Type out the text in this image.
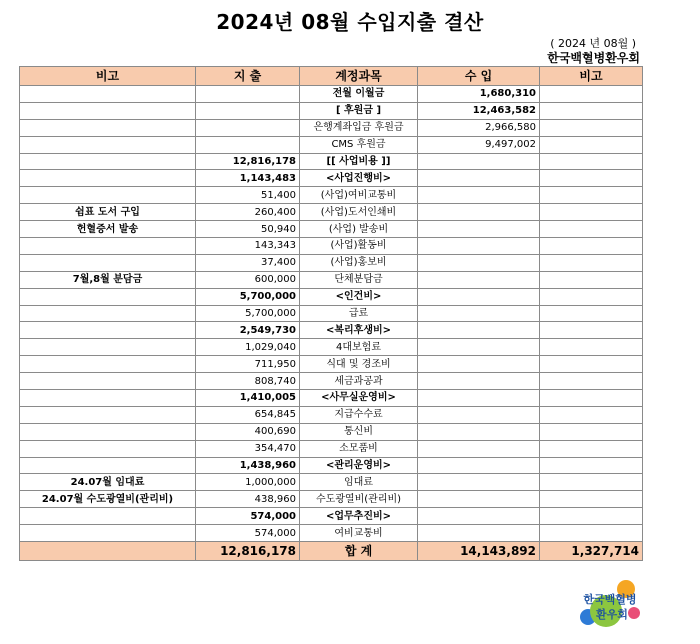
2024년 08월 수입지출 결산
( 2024 년 08월 )
한국백혈병환우회
비고	지 출	계정과목	수 입	비고
		전월 이월금	1,680,310	
		[ 후원금 ]	12,463,582	
		은행계좌입금 후원금	2,966,580	
		CMS 후원금	9,497,002	
	12,816,178	[[ 사업비용 ]]		
	1,143,483	<사업진행비>		
	51,400	(사업)여비교통비		
쉼표 도서 구입	260,400	(사업)도서인쇄비		
헌혈증서 발송	50,940	(사업) 발송비		
	143,343	(사업)활동비		
	37,400	(사업)홍보비		
7월,8월 분담금	600,000	단체분담금		
	5,700,000	<인건비>		
	5,700,000	급료		
	2,549,730	<복리후생비>		
	1,029,040	4대보험료		
	711,950	식대 및 경조비		
	808,740	세금과공과		
	1,410,005	<사무실운영비>		
	654,845	지급수수료		
	400,690	통신비		
	354,470	소모품비		
	1,438,960	<관리운영비>		
24.07월 임대료	1,000,000	임대료		
24.07월 수도광열비(관리비)	438,960	수도광열비(관리비)		
	574,000	<업무추진비>		
	574,000	여비교통비		
	12,816,178	합 계	14,143,892	1,327,714
한국백혈병
환우회
